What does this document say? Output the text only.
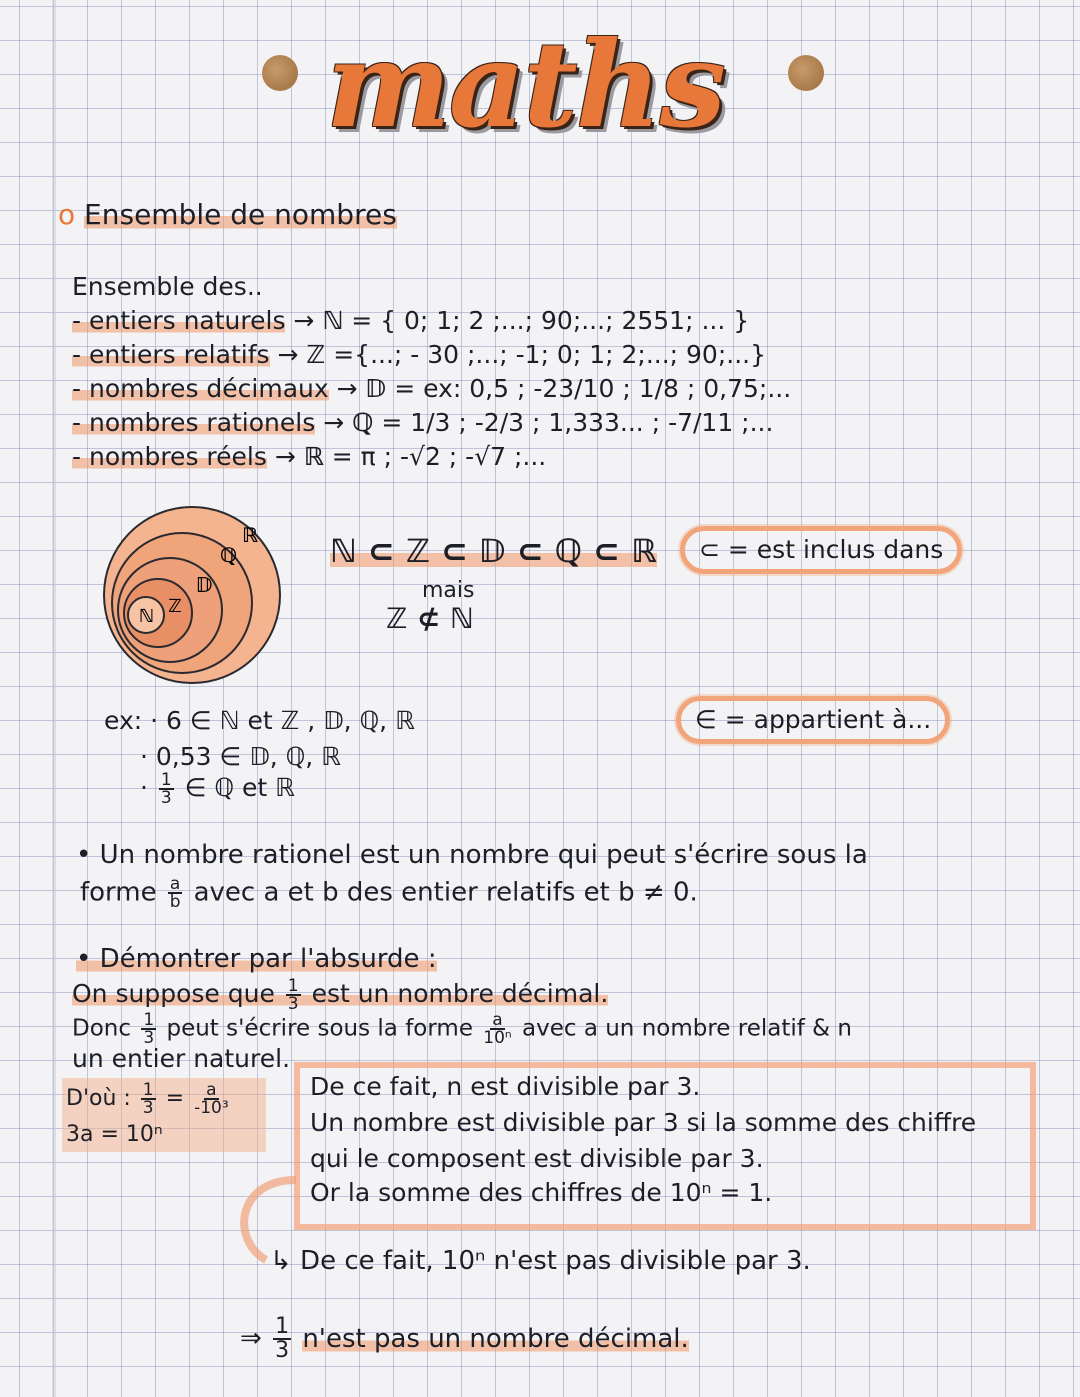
maths
o Ensemble de nombres
Ensemble des..
- entiers naturels → ℕ = { 0; 1; 2 ;...; 90;...; 2551; ... }
- entiers relatifs → ℤ ={...; - 30 ;...; -1; 0; 1; 2;...; 90;...}
- nombres décimaux → 𝔻 = ex: 0,5 ; -23/10 ; 1/8 ; 0,75;...
- nombres rationels → ℚ = 1/3 ; -2/3 ; 1,333... ; -7/11 ;...
- nombres réels → ℝ = π ; -√2 ; -√7 ;...
ℕ ℤ
𝔻
ℚ
ℝ ℕ ⊂ ℤ ⊂ 𝔻 ⊂ ℚ ⊂ ℝ
mais
ℤ ⊄ ℕ
⊂ = est inclus dans
∈ = appartient à...
ex: · 6 ∈ ℕ et ℤ , 𝔻, ℚ, ℝ
· 0,53 ∈ 𝔻, ℚ, ℝ
· $\frac{1}{3}$ ∈ ℚ et ℝ
• Un nombre rationel est un nombre qui peut s'écrire sous la
forme $\frac{a}{b}$ avec a et b des entier relatifs et b ≠ 0.
• Démontrer par l'absurde :
On suppose que $\frac{1}{3}$ est un nombre décimal.
Donc $\frac{1}{3}$ peut s'écrire sous la forme $\frac{a}{\text{10ⁿ}}$ avec a un nombre relatif & n
un entier naturel.
D'où : $\frac{1}{3} = \frac{a}{\text{-10³}}$
3a = 10ⁿ
De ce fait, n est divisible par 3.
Un nombre est divisible par 3 si la somme des chiffre
qui le composent est divisible par 3.
Or la somme des chiffres de 10ⁿ = 1.
↳ De ce fait, 10ⁿ n'est pas divisible par 3.
⇒ $\frac{1}{3} n'est$ pas un nombre décimal.
